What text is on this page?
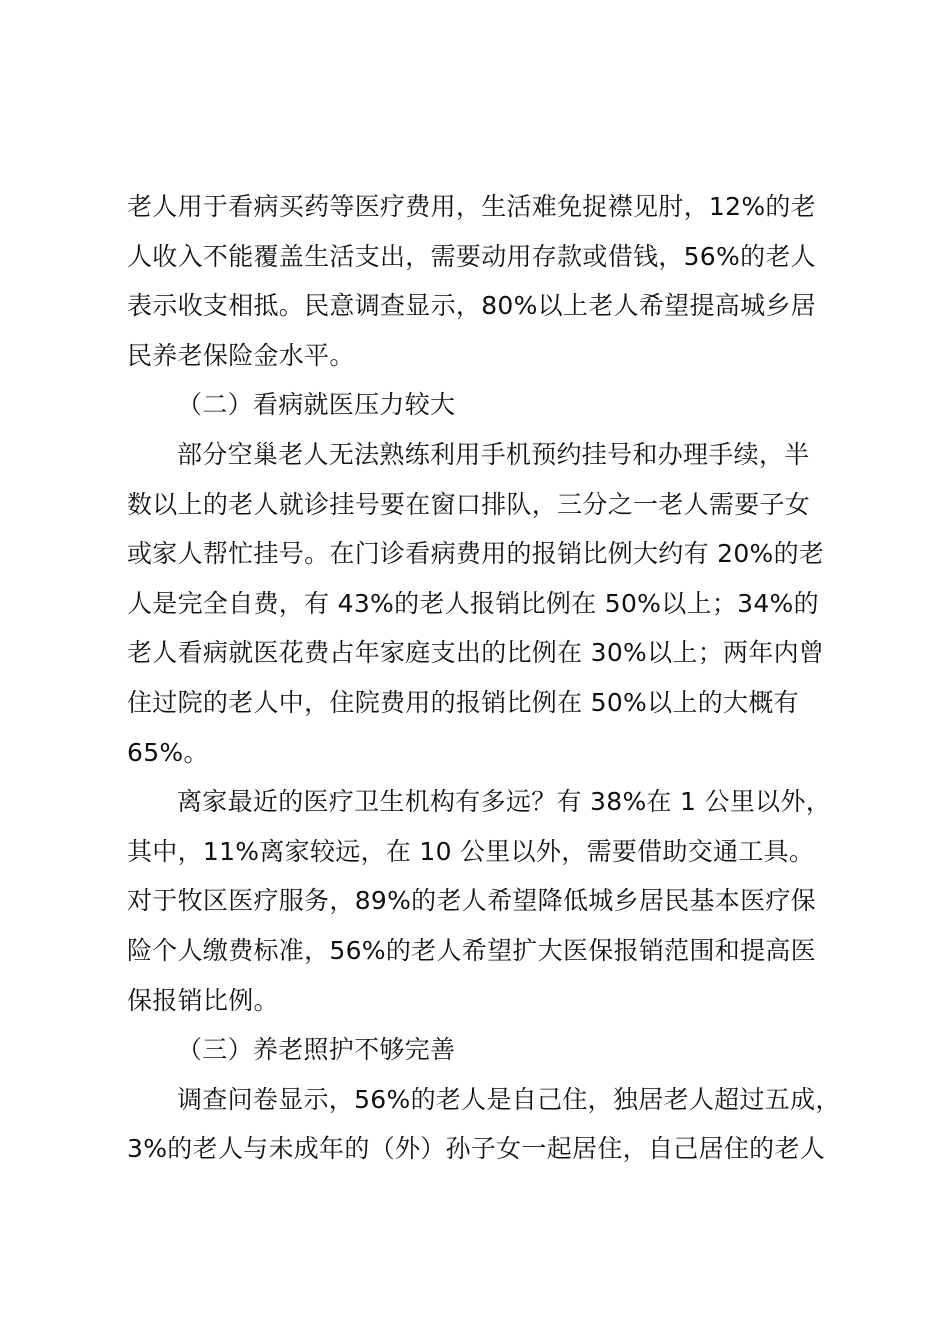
老人用于看病买药等医疗费用，生活难免捉襟见肘，12%的老
人收入不能覆盖生活支出，需要动用存款或借钱，56%的老人
表示收支相抵。民意调查显示，80%以上老人希望提高城乡居
民养老保险金水平。
（二）看病就医压力较大
部分空巢老人无法熟练利用手机预约挂号和办理手续，半
数以上的老人就诊挂号要在窗口排队，三分之一老人需要子女
或家人帮忙挂号。在门诊看病费用的报销比例大约有 20%的老
人是完全自费，有 43%的老人报销比例在 50%以上；34%的
老人看病就医花费占年家庭支出的比例在 30%以上；两年内曾
住过院的老人中，住院费用的报销比例在 50%以上的大概有
65%。
离家最近的医疗卫生机构有多远？有 38%在 1 公里以外，
其中，11%离家较远，在 10 公里以外，需要借助交通工具。
对于牧区医疗服务，89%的老人希望降低城乡居民基本医疗保
险个人缴费标准，56%的老人希望扩大医保报销范围和提高医
保报销比例。
（三）养老照护不够完善
调查问卷显示，56%的老人是自己住，独居老人超过五成，
3%的老人与未成年的（外）孙子女一起居住，自己居住的老人
